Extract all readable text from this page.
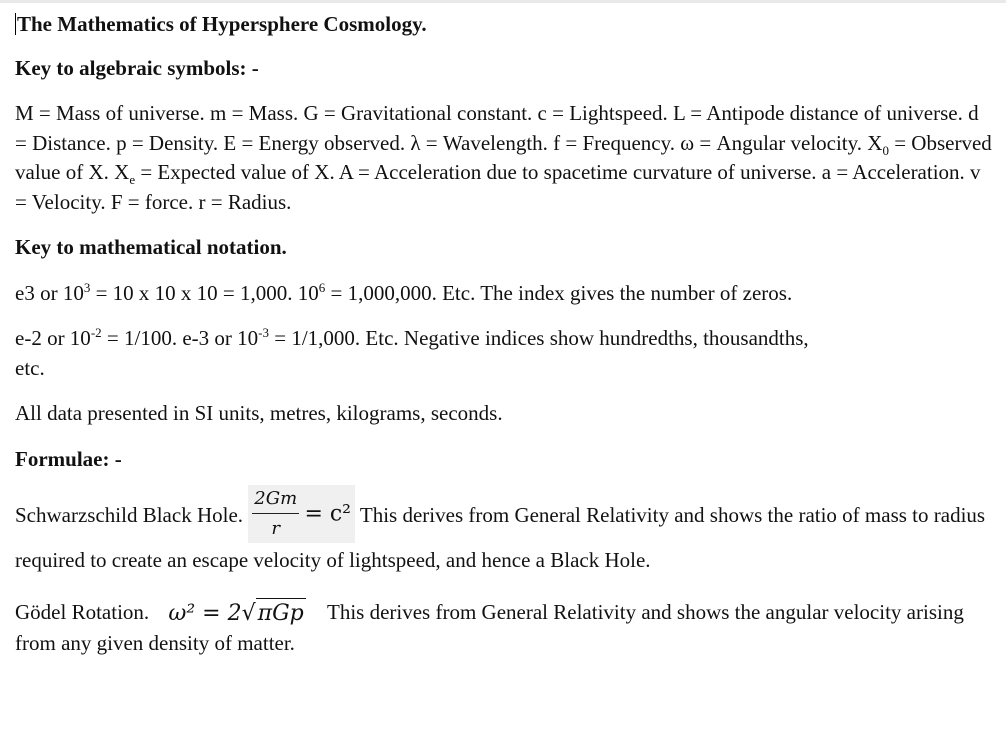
The Mathematics of Hypersphere Cosmology.

Key to algebraic symbols: -

M = Mass of universe. m = Mass. G = Gravitational constant. c = Lightspeed. L = Antipode distance of universe. d = Distance. p = Density. E = Energy observed. λ = Wavelength. f = Frequency. ω = Angular velocity. $X_0$ = Observed value of X. $X_e$ = Expected value of X. A = Acceleration due to spacetime curvature of universe. a = Acceleration. v = Velocity. F = force. r = Radius.

Key to mathematical notation.

e3 or $10^3 = 10$ x 10 x 10 = 1,000. $10^6 = 1,000,000$. Etc. The index gives the number of zeros.

e-2 or $10^{-2} = 1/100$. e-3 or $10^{-3} = 1/1,000$. Etc. Negative indices show hundredths, thousandths, etc.

All data presented in SI units, metres, kilograms, seconds.

Formulae: -

Schwarzschild Black Hole. $\frac{2Gm}{r} = c^2$ This derives from General Relativity and shows the ratio of mass to radius required to create an escape velocity of lightspeed, and hence a Black Hole.

Gödel Rotation. ω² = 2√πGp This derives from General Relativity and shows the angular velocity arising from any given density of matter.
